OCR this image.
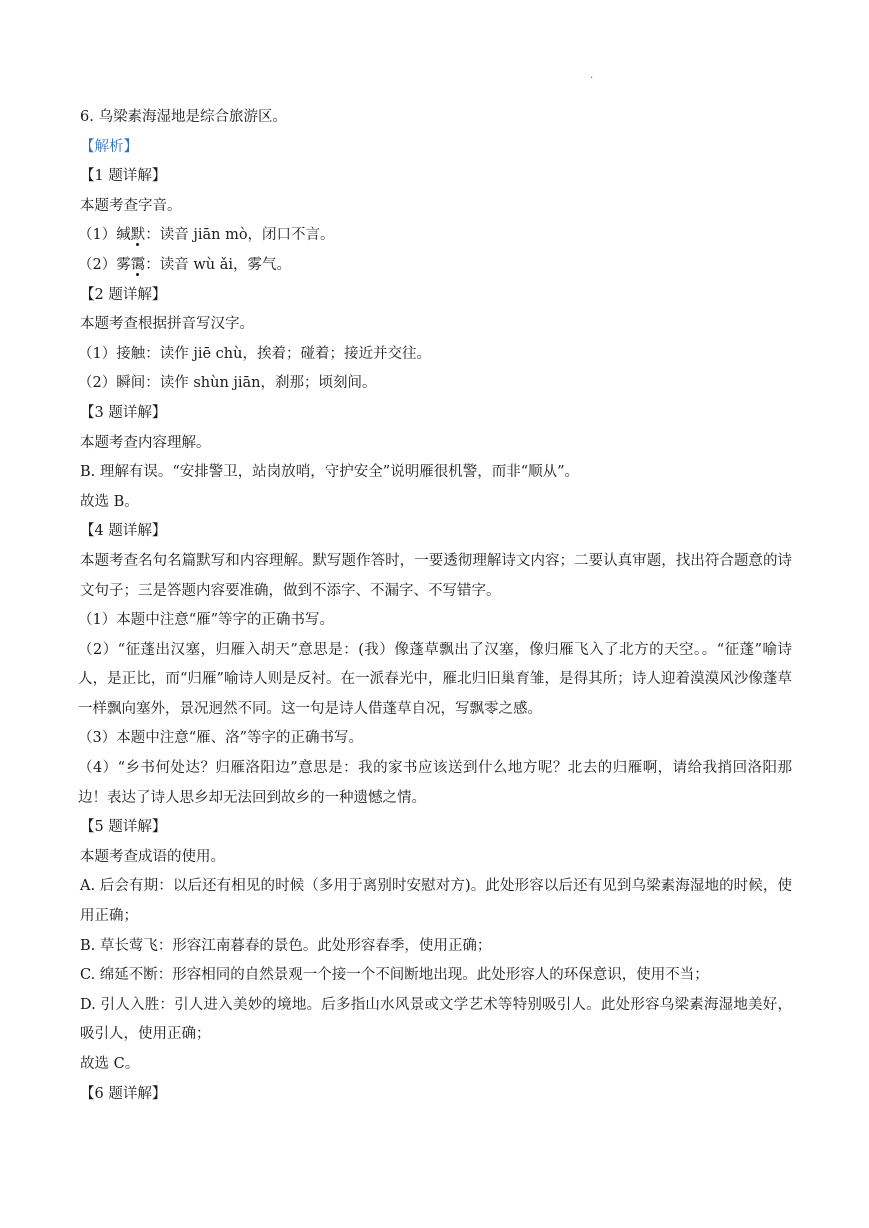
.
6. 乌梁素海湿地是综合旅游区。
【解析】
【1 题详解】
本题考查字音。
（1）缄默：读音 jiān mò，闭口不言。
（2）雾霭：读音 wù ǎi，雾气。
【2 题详解】
本题考查根据拼音写汉字。
（1）接触：读作 jiē chù，挨着；碰着；接近并交往。
（2）瞬间：读作 shùn jiān，刹那；顷刻间。
【3 题详解】
本题考查内容理解。
B. 理解有误。“安排警卫，站岗放哨，守护安全”说明雁很机警，而非“顺从”。
故选 B。
【4 题详解】
本题考查名句名篇默写和内容理解。默写题作答时，一要透彻理解诗文内容；二要认真审题，找出符合题意的诗文句子；三是答题内容要准确，做到不添字、不漏字、不写错字。
（1）本题中注意“雁”等字的正确书写。
（2）“征蓬出汉塞，归雁入胡天”意思是：(我）像蓬草飘出了汉塞，像归雁飞入了北方的天空。。“征蓬”喻诗人，是正比，而“归雁”喻诗人则是反衬。在一派春光中，雁北归旧巢育雏，是得其所；诗人迎着漠漠风沙像蓬草一样飘向塞外，景况迥然不同。这一句是诗人借蓬草自况，写飘零之感。
（3）本题中注意“雁、洛”等字的正确书写。
（4）“乡书何处达？归雁洛阳边”意思是：我的家书应该送到什么地方呢？北去的归雁啊，请给我捎回洛阳那边！表达了诗人思乡却无法回到故乡的一种遗憾之情。
【5 题详解】
本题考查成语的使用。
A. 后会有期：以后还有相见的时候（多用于离别时安慰对方)。此处形容以后还有见到乌梁素海湿地的时候，使用正确；
B. 草长莺飞：形容江南暮春的景色。此处形容春季，使用正确；
C. 绵延不断：形容相同的自然景观一个接一个不间断地出现。此处形容人的环保意识，使用不当；
D. 引人入胜：引人进入美妙的境地。后多指山水风景或文学艺术等特别吸引人。此处形容乌梁素海湿地美好，吸引人，使用正确；
故选 C。
【6 题详解】
